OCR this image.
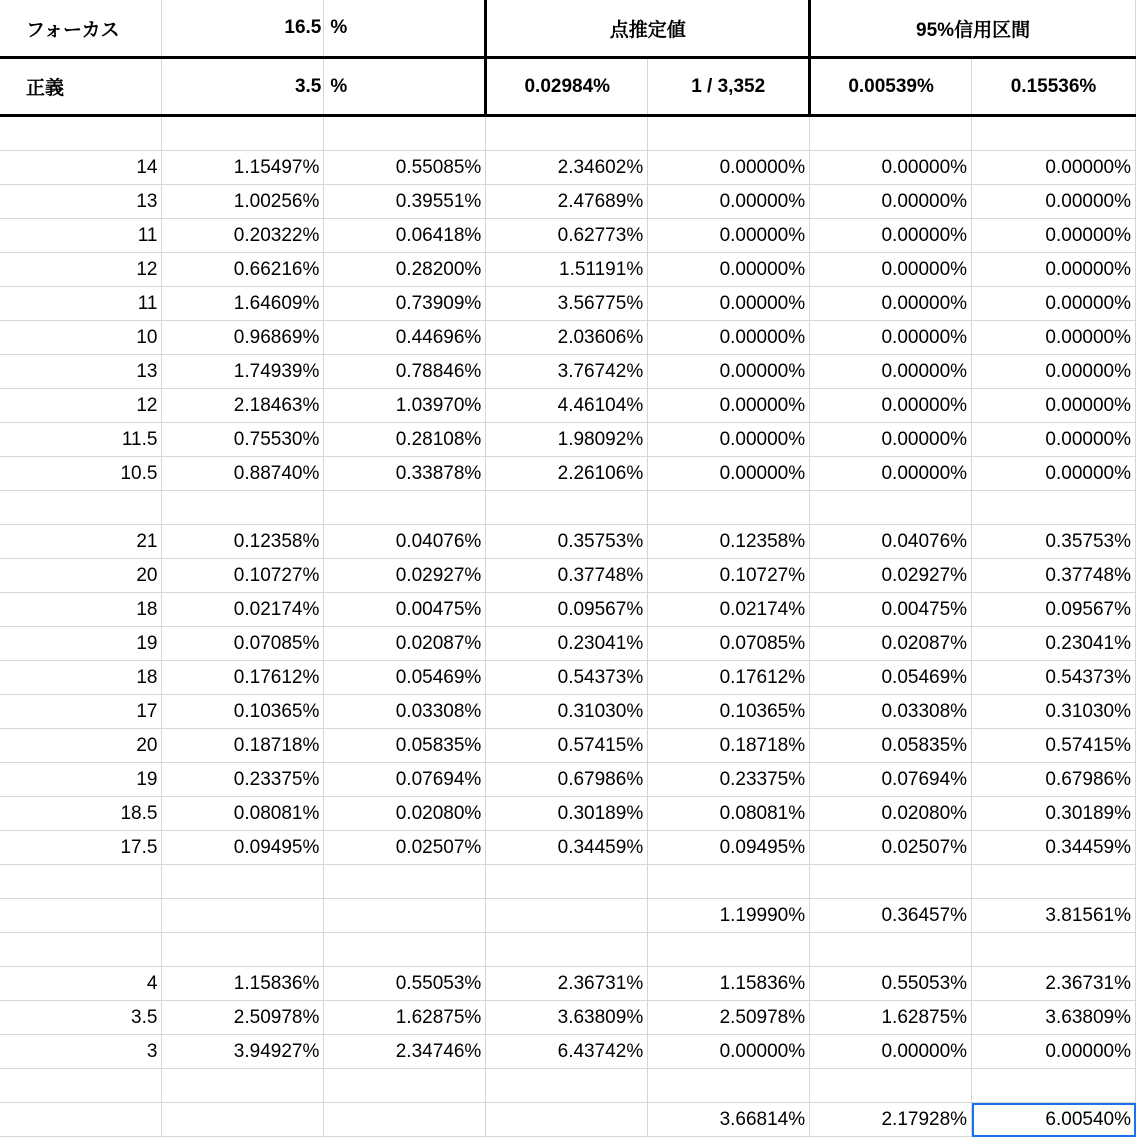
フォーカス	16.5	%	点推定値		95%信用区間	
正義	3.5	%	0.02984%	1 / 3,352	0.00539%	0.15536%

14	1.15497%	0.55085%	2.34602%	0.00000%	0.00000%	0.00000%
13	1.00256%	0.39551%	2.47689%	0.00000%	0.00000%	0.00000%
11	0.20322%	0.06418%	0.62773%	0.00000%	0.00000%	0.00000%
12	0.66216%	0.28200%	1.51191%	0.00000%	0.00000%	0.00000%
11	1.64609%	0.73909%	3.56775%	0.00000%	0.00000%	0.00000%
10	0.96869%	0.44696%	2.03606%	0.00000%	0.00000%	0.00000%
13	1.74939%	0.78846%	3.76742%	0.00000%	0.00000%	0.00000%
12	2.18463%	1.03970%	4.46104%	0.00000%	0.00000%	0.00000%
11.5	0.75530%	0.28108%	1.98092%	0.00000%	0.00000%	0.00000%
10.5	0.88740%	0.33878%	2.26106%	0.00000%	0.00000%	0.00000%

21	0.12358%	0.04076%	0.35753%	0.12358%	0.04076%	0.35753%
20	0.10727%	0.02927%	0.37748%	0.10727%	0.02927%	0.37748%
18	0.02174%	0.00475%	0.09567%	0.02174%	0.00475%	0.09567%
19	0.07085%	0.02087%	0.23041%	0.07085%	0.02087%	0.23041%
18	0.17612%	0.05469%	0.54373%	0.17612%	0.05469%	0.54373%
17	0.10365%	0.03308%	0.31030%	0.10365%	0.03308%	0.31030%
20	0.18718%	0.05835%	0.57415%	0.18718%	0.05835%	0.57415%
19	0.23375%	0.07694%	0.67986%	0.23375%	0.07694%	0.67986%
18.5	0.08081%	0.02080%	0.30189%	0.08081%	0.02080%	0.30189%
17.5	0.09495%	0.02507%	0.34459%	0.09495%	0.02507%	0.34459%

				1.19990%	0.36457%	3.81561%

4	1.15836%	0.55053%	2.36731%	1.15836%	0.55053%	2.36731%
3.5	2.50978%	1.62875%	3.63809%	2.50978%	1.62875%	3.63809%
3	3.94927%	2.34746%	6.43742%	0.00000%	0.00000%	0.00000%

				3.66814%	2.17928%	6.00540%
